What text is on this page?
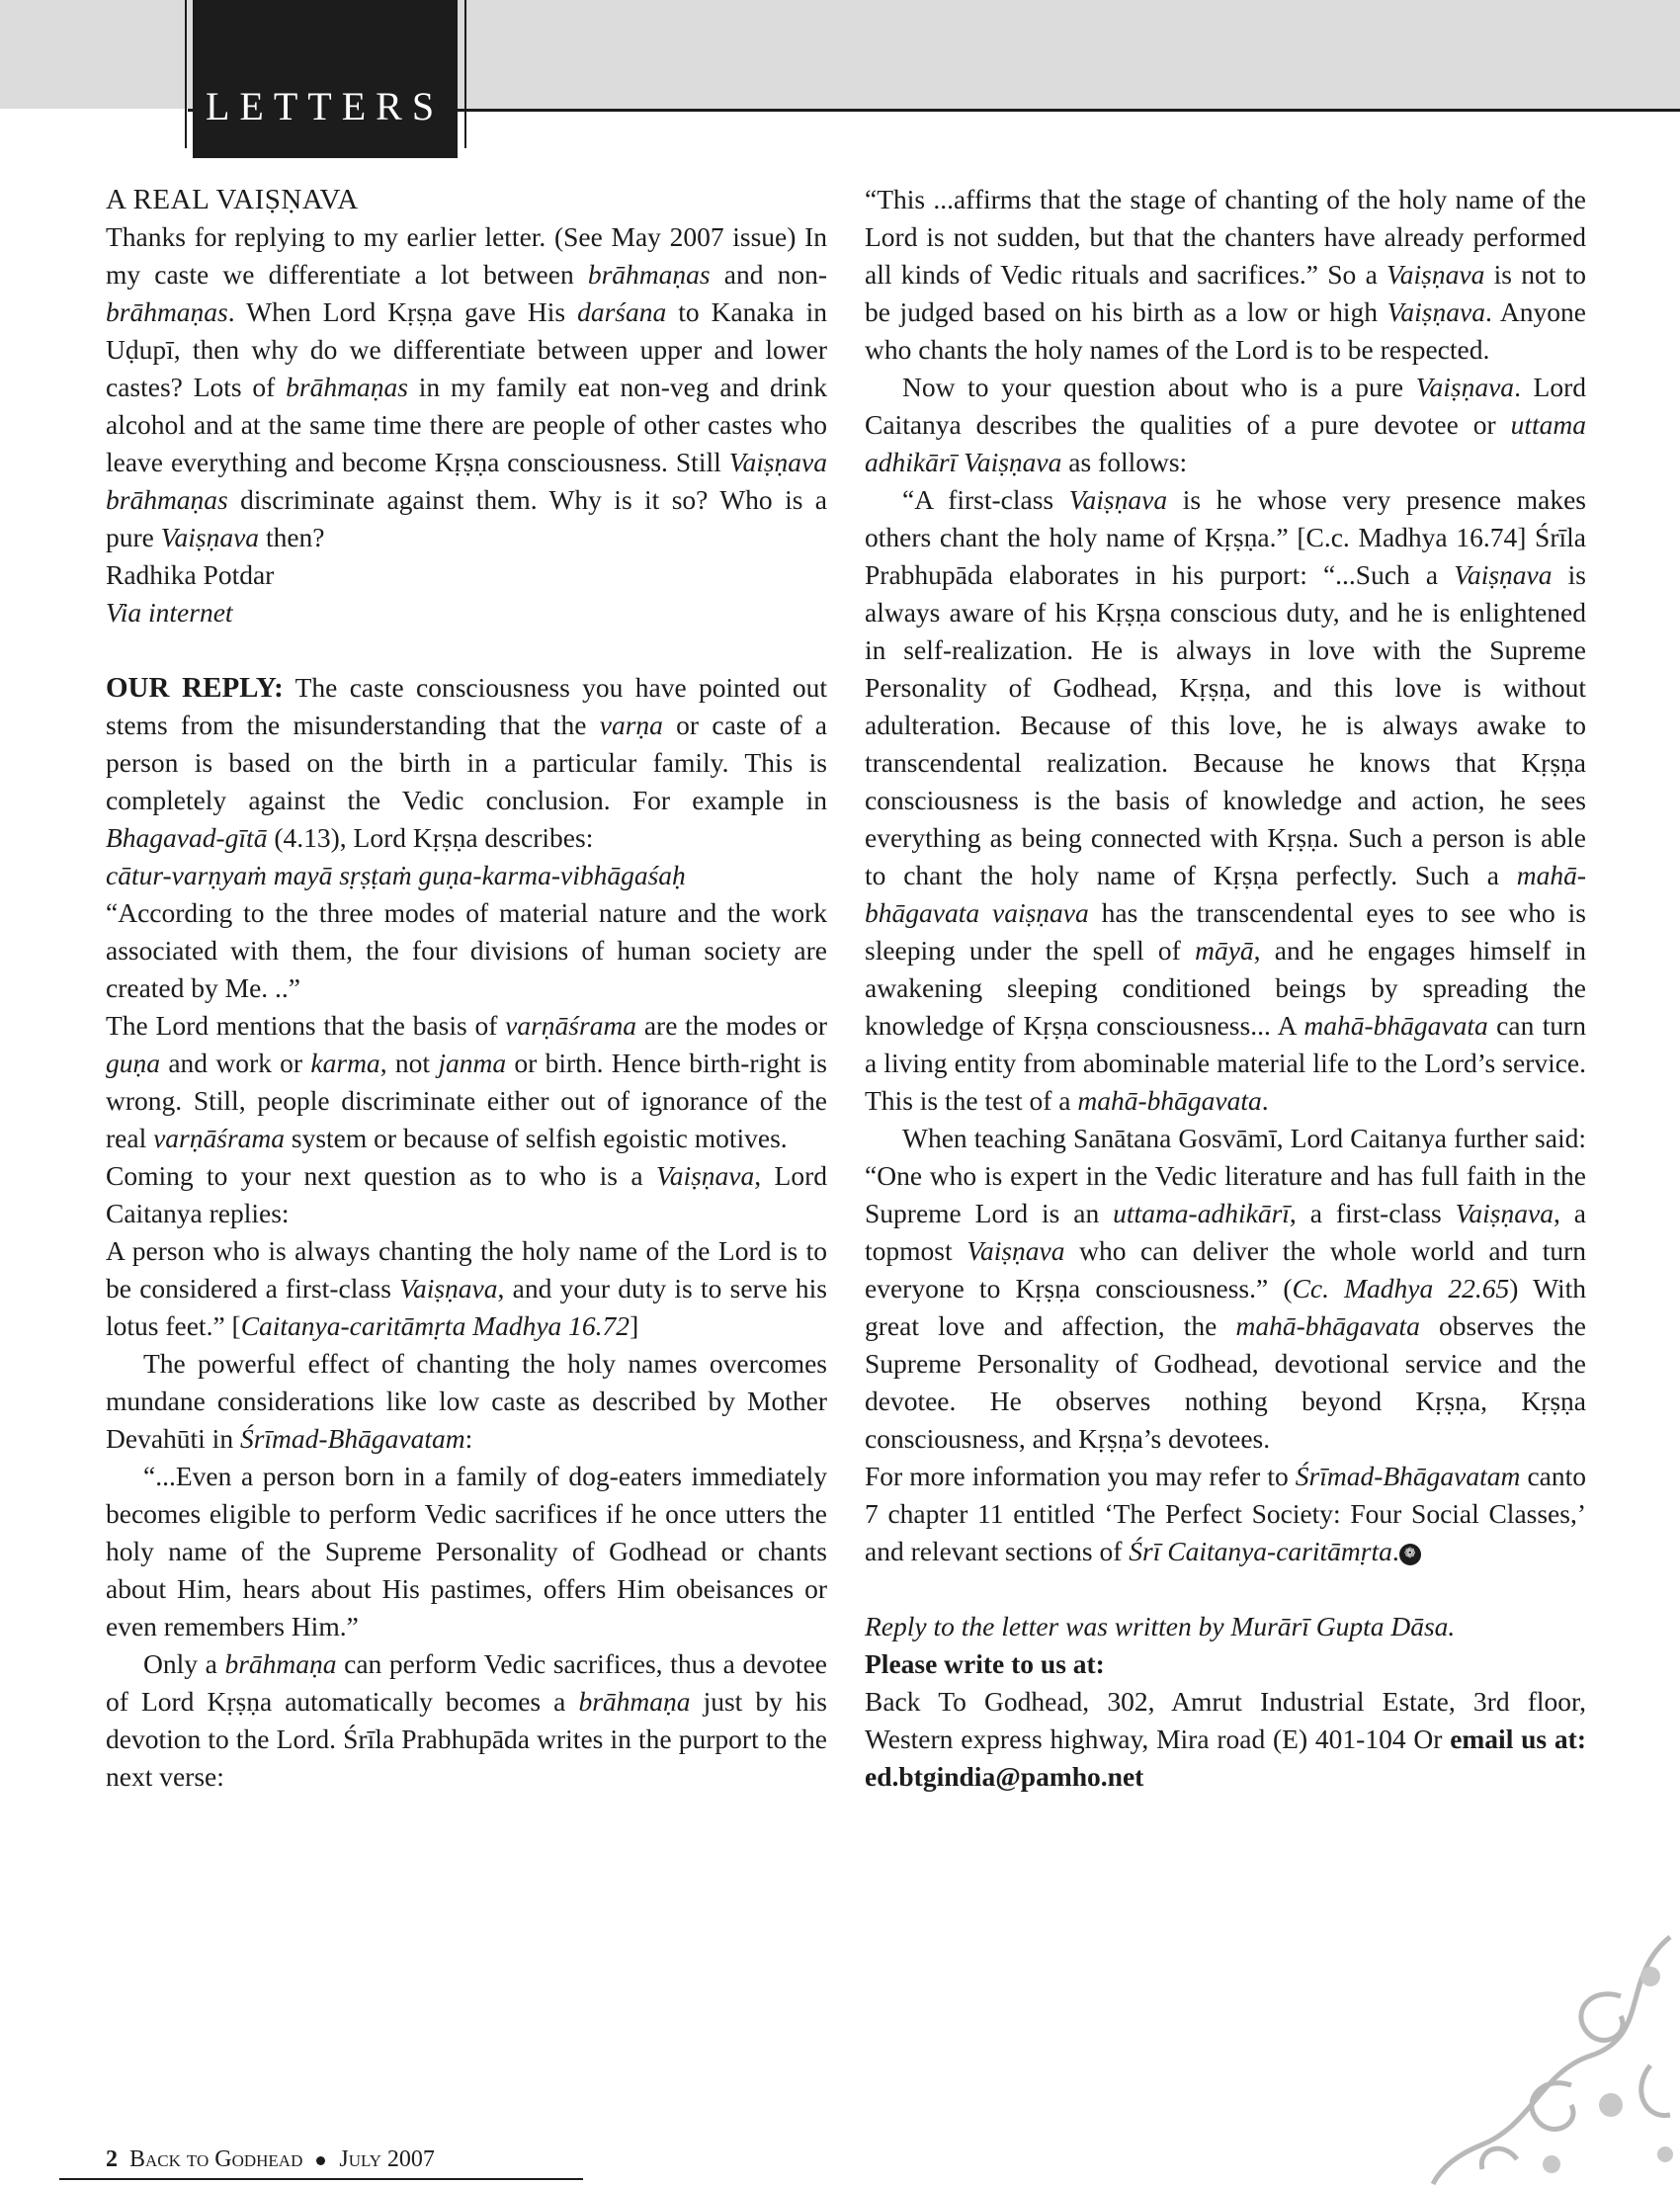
LETTERS

A REAL VAIṢṆAVA

Thanks for replying to my earlier letter. (See May 2007 issue) In my caste we differentiate a lot between brāhmaṇas and non-brāhmaṇas. When Lord Kṛṣṇa gave His darśana to Kanaka in Uḍupī, then why do we differentiate between upper and lower castes? Lots of brāhmaṇas in my family eat non-veg and drink alcohol and at the same time there are people of other castes who leave everything and become Kṛṣṇa consciousness. Still Vaiṣṇava brāhmaṇas discriminate against them. Why is it so? Who is a pure Vaiṣṇava then?

Radhika Potdar

Via internet

OUR REPLY: The caste consciousness you have pointed out stems from the misunderstanding that the varṇa or caste of a person is based on the birth in a particular family. This is completely against the Vedic conclusion. For example in Bhagavad-gītā (4.13), Lord Kṛṣṇa describes:

cātur-varṇyaṁ mayā sṛṣṭaṁ guṇa-karma-vibhāgaśaḥ

“According to the three modes of material nature and the work associated with them, the four divisions of human society are created by Me. ..”

The Lord mentions that the basis of varṇāśrama are the modes or guṇa and work or karma, not janma or birth. Hence birth-right is wrong. Still, people discriminate either out of ignorance of the real varṇāśrama system or because of selfish egoistic motives.

Coming to your next question as to who is a Vaiṣṇava, Lord Caitanya replies:

A person who is always chanting the holy name of the Lord is to be considered a first-class Vaiṣṇava, and your duty is to serve his lotus feet.” [Caitanya-caritāmṛta Madhya 16.72]

The powerful effect of chanting the holy names overcomes mundane considerations like low caste as described by Mother Devahūti in Śrīmad-Bhāgavatam:

“...Even a person born in a family of dog-eaters immediately becomes eligible to perform Vedic sacrifices if he once utters the holy name of the Supreme Personality of Godhead or chants about Him, hears about His pastimes, offers Him obeisances or even remembers Him.”

Only a brāhmaṇa can perform Vedic sacrifices, thus a devotee of Lord Kṛṣṇa automatically becomes a brāhmaṇa just by his devotion to the Lord. Śrīla Prabhupāda writes in the purport to the next verse:

“This ...affirms that the stage of chanting of the holy name of the Lord is not sudden, but that the chanters have already performed all kinds of Vedic rituals and sacrifices.” So a Vaiṣṇava is not to be judged based on his birth as a low or high Vaiṣṇava. Anyone who chants the holy names of the Lord is to be respected.

Now to your question about who is a pure Vaiṣṇava. Lord Caitanya describes the qualities of a pure devotee or uttama adhikārī Vaiṣṇava as follows:

“A first-class Vaiṣṇava is he whose very presence makes others chant the holy name of Kṛṣṇa.” [C.c. Madhya 16.74] Śrīla Prabhupāda elaborates in his purport: “...Such a Vaiṣṇava is always aware of his Kṛṣṇa conscious duty, and he is enlightened in self-realization. He is always in love with the Supreme Personality of Godhead, Kṛṣṇa, and this love is without adulteration. Because of this love, he is always awake to transcendental realization. Because he knows that Kṛṣṇa consciousness is the basis of knowledge and action, he sees everything as being connected with Kṛṣṇa. Such a person is able to chant the holy name of Kṛṣṇa perfectly. Such a mahā-bhāgavata vaiṣṇava has the transcendental eyes to see who is sleeping under the spell of māyā, and he engages himself in awakening sleeping conditioned beings by spreading the knowledge of Kṛṣṇa consciousness... A mahā-bhāgavata can turn a living entity from abominable material life to the Lord’s service. This is the test of a mahā-bhāgavata.

When teaching Sanātana Gosvāmī, Lord Caitanya further said: “One who is expert in the Vedic literature and has full faith in the Supreme Lord is an uttama-adhikārī, a first-class Vaiṣṇava, a topmost Vaiṣṇava who can deliver the whole world and turn everyone to Kṛṣṇa consciousness.” (Cc. Madhya 22.65) With great love and affection, the mahā-bhāgavata observes the Supreme Personality of Godhead, devotional service and the devotee. He observes nothing beyond Kṛṣṇa, Kṛṣṇa consciousness, and Kṛṣṇa’s devotees.

For more information you may refer to Śrīmad-Bhāgavatam canto 7 chapter 11 entitled ‘The Perfect Society: Four Social Classes,’ and relevant sections of Śrī Caitanya-caritāmṛta. ❁

Reply to the letter was written by Murārī Gupta Dāsa.

Please write to us at:

Back To Godhead, 302, Amrut Industrial Estate, 3rd floor, Western express highway, Mira road (E) 401-104 Or email us at: ed.btgindia@pamho.net

2 Back to Godhead July 2007
